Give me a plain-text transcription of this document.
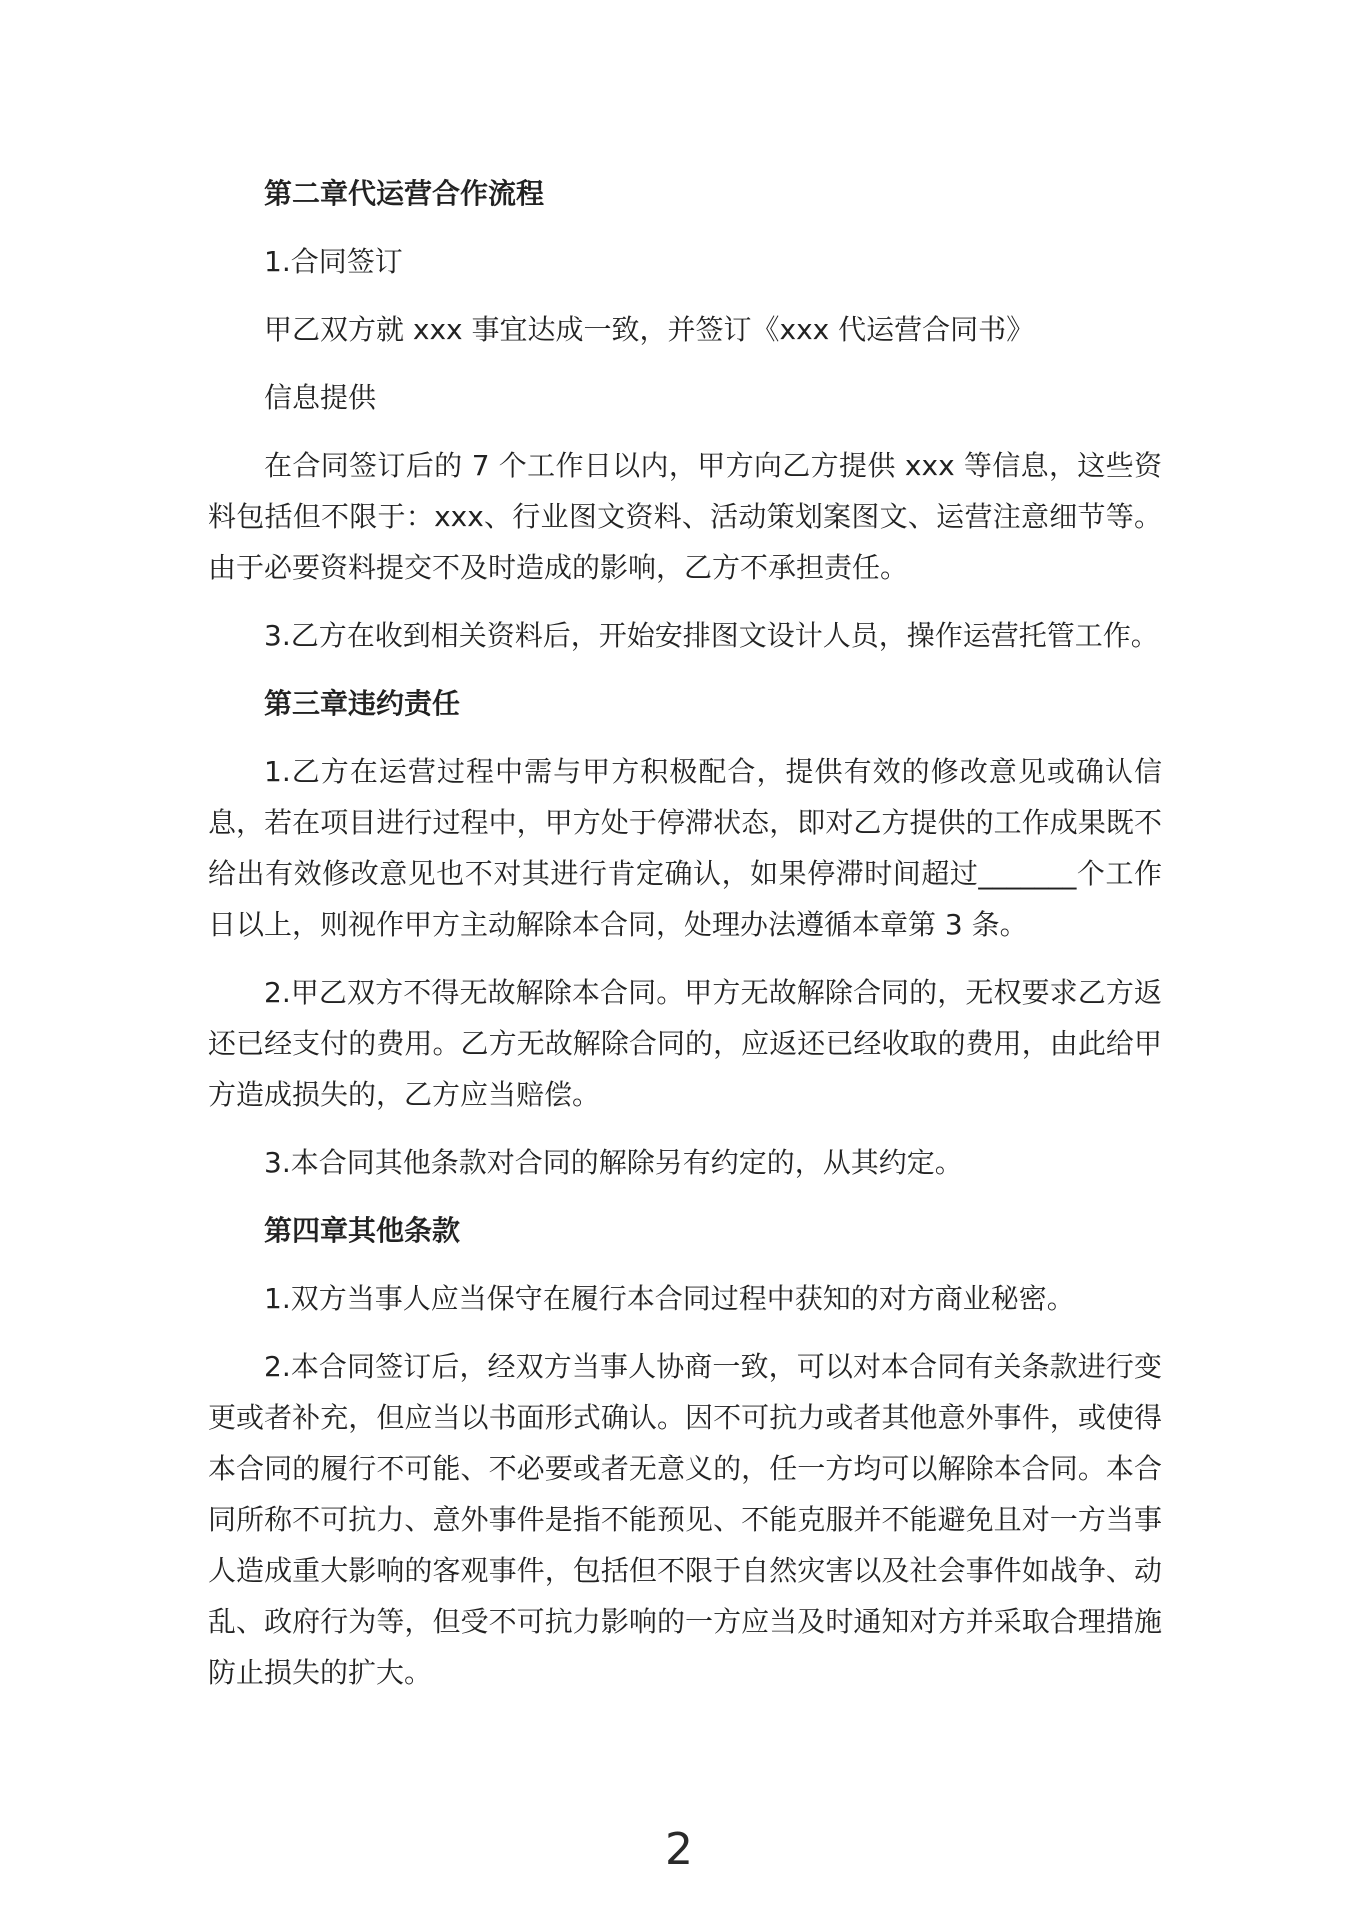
第二章代运营合作流程

1.合同签订

甲乙双方就 xxx 事宜达成一致，并签订《xxx 代运营合同书》

信息提供

在合同签订后的 7 个工作日以内，甲方向乙方提供 xxx 等信息，这些资料包括但不限于：xxx、行业图文资料、活动策划案图文、运营注意细节等。由于必要资料提交不及时造成的影响，乙方不承担责任。

3.乙方在收到相关资料后，开始安排图文设计人员，操作运营托管工作。

第三章违约责任

1.乙方在运营过程中需与甲方积极配合，提供有效的修改意见或确认信息，若在项目进行过程中，甲方处于停滞状态，即对乙方提供的工作成果既不给出有效修改意见也不对其进行肯定确认，如果停滞时间超过_______个工作日以上，则视作甲方主动解除本合同，处理办法遵循本章第 3 条。

2.甲乙双方不得无故解除本合同。甲方无故解除合同的，无权要求乙方返还已经支付的费用。乙方无故解除合同的，应返还已经收取的费用，由此给甲方造成损失的，乙方应当赔偿。

3.本合同其他条款对合同的解除另有约定的，从其约定。

第四章其他条款

1.双方当事人应当保守在履行本合同过程中获知的对方商业秘密。

2.本合同签订后，经双方当事人协商一致，可以对本合同有关条款进行变更或者补充，但应当以书面形式确认。因不可抗力或者其他意外事件，或使得本合同的履行不可能、不必要或者无意义的，任一方均可以解除本合同。本合同所称不可抗力、意外事件是指不能预见、不能克服并不能避免且对一方当事人造成重大影响的客观事件，包括但不限于自然灾害以及社会事件如战争、动乱、政府行为等，但受不可抗力影响的一方应当及时通知对方并采取合理措施防止损失的扩大。

2
